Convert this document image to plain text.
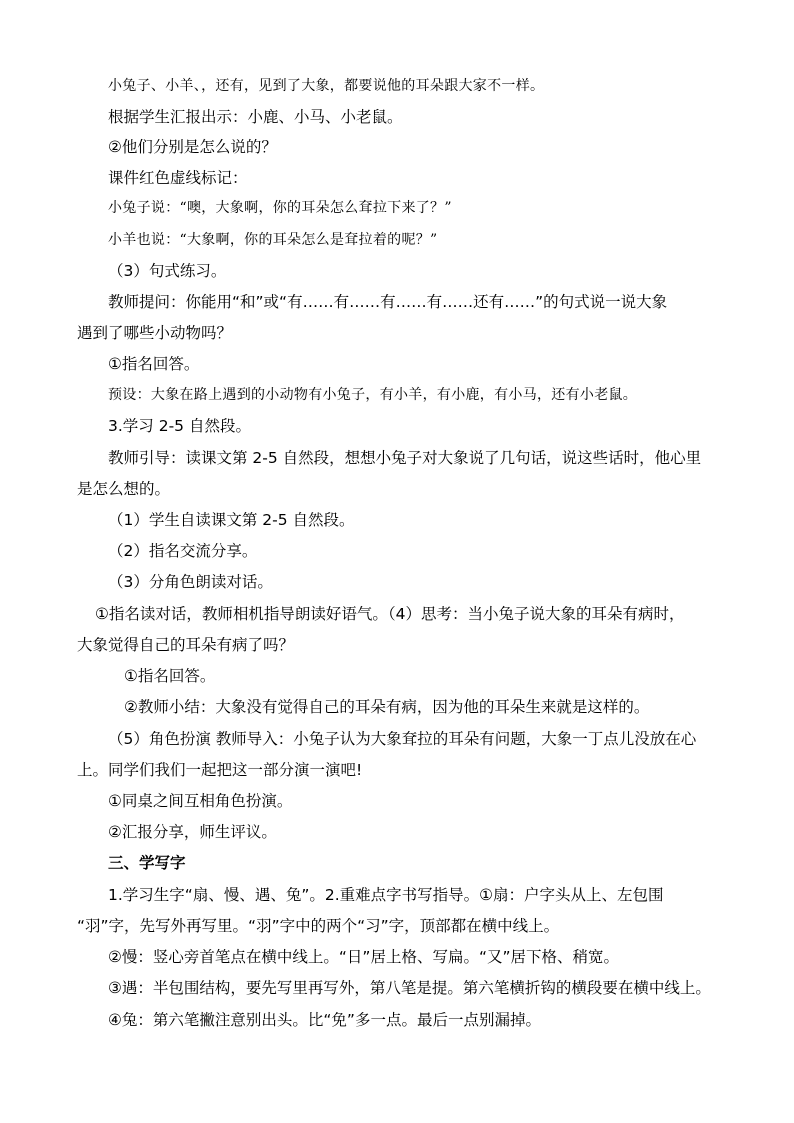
小兔子、小羊、，还有，见到了大象，都要说他的耳朵跟大家不一样。
根据学生汇报出示：小鹿、小马、小老鼠。
②他们分别是怎么说的？
课件红色虚线标记：
小兔子说：“噢，大象啊，你的耳朵怎么耷拉下来了？”
小羊也说：“大象啊，你的耳朵怎么是耷拉着的呢？”
（3）句式练习。
教师提问：你能用“和”或“有……有……有……有……还有……”的句式说一说大象
遇到了哪些小动物吗？
①指名回答。
预设：大象在路上遇到的小动物有小兔子，有小羊，有小鹿，有小马，还有小老鼠。
3.学习 2-5 自然段。
教师引导：读课文第 2-5 自然段，想想小兔子对大象说了几句话，说这些话时，他心里
是怎么想的。
（1）学生自读课文第 2-5 自然段。
（2）指名交流分享。
（3）分角色朗读对话。
①指名读对话，教师相机指导朗读好语气。（4）思考：当小兔子说大象的耳朵有病时，
大象觉得自己的耳朵有病了吗？
①指名回答。
②教师小结：大象没有觉得自己的耳朵有病，因为他的耳朵生来就是这样的。
（5）角色扮演 教师导入：小兔子认为大象耷拉的耳朵有问题，大象一丁点儿没放在心
上。同学们我们一起把这一部分演一演吧!
①同桌之间互相角色扮演。
②汇报分享，师生评议。
三、学写字
1.学习生字“扇、慢、遇、兔”。2.重难点字书写指导。①扇：户字头从上、左包围
“羽”字，先写外再写里。“羽”字中的两个“习”字，顶部都在横中线上。
②慢：竖心旁首笔点在横中线上。“日”居上格、写扁。“又”居下格、稍宽。
③遇：半包围结构，要先写里再写外，第八笔是提。第六笔横折钩的横段要在横中线上。
④兔：第六笔撇注意别出头。比“免”多一点。最后一点别漏掉。
